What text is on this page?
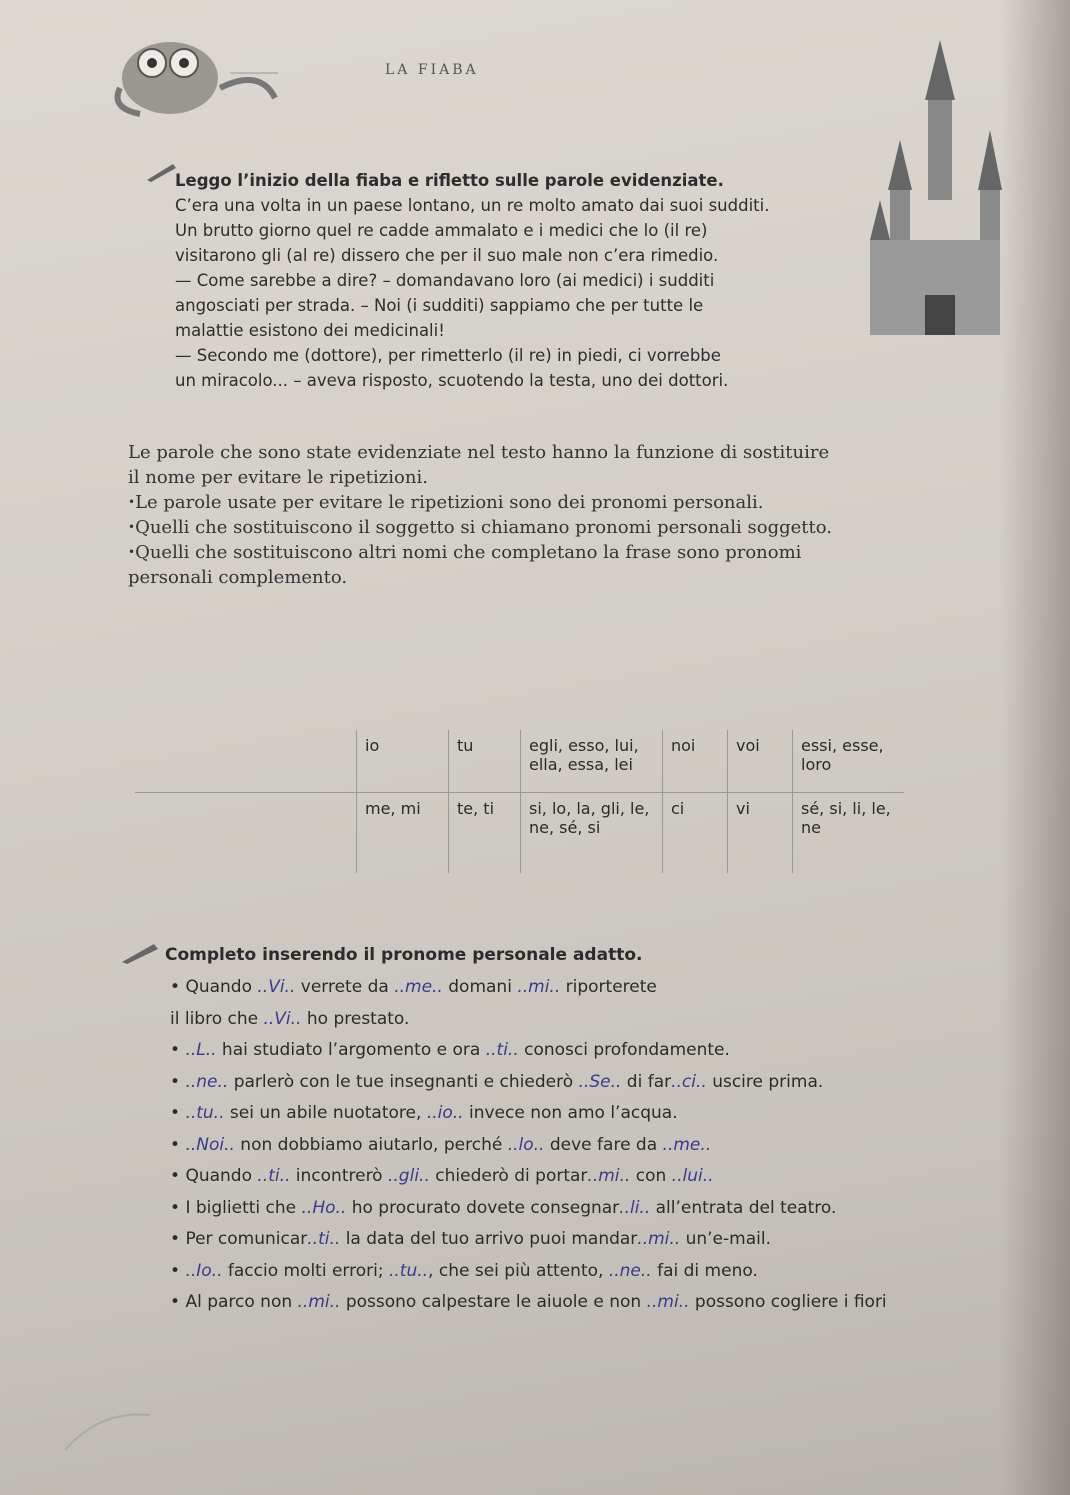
LA FIABA

Leggo l’inizio della fiaba e rifletto sulle parole evidenziate.

C’era una volta in un paese lontano, un re molto amato dai suoi sudditi.

Un brutto giorno quel re cadde ammalato e i medici che lo (il re)

visitarono gli (al re) dissero che per il suo male non c’era rimedio.

— Come sarebbe a dire? – domandavano loro (ai medici) i sudditi

angosciati per strada. – Noi (i sudditi) sappiamo che per tutte le

malattie esistono dei medicinali!

— Secondo me (dottore), per rimetterlo (il re) in piedi, ci vorrebbe

un miracolo... – aveva risposto, scuotendo la testa, uno dei dottori.

Le parole che sono state evidenziate nel testo hanno la funzione di sostituire

il nome per evitare le ripetizioni.

• Le parole usate per evitare le ripetizioni sono dei pronomi personali.

• Quelli che sostituiscono il soggetto si chiamano pronomi personali soggetto.

• Quelli che sostituiscono altri nomi che completano la frase sono pronomi

personali complemento.

	io	tu	egli, esso, lui, ella, essa, lei	noi	voi	essi, esse, loro
	me, mi	te, ti	si, lo, la, gli, le, ne, sé, si	ci	vi	sé, si, li, le, ne
Completo inserendo il pronome personale adatto.

• Quando ..Vi.. verrete da ..me.. domani ..mi.. riporterete

il libro che ..Vi.. ho prestato.

• ..L.. hai studiato l’argomento e ora ..ti.. conosci profondamente.

• ..ne.. parlerò con le tue insegnanti e chiederò ..Se.. di far..ci.. uscire prima.

• ..tu.. sei un abile nuotatore, ..io.. invece non amo l’acqua.

• ..Noi.. non dobbiamo aiutarlo, perché ..lo.. deve fare da ..me..

• Quando ..ti.. incontrerò ..gli.. chiederò di portar..mi.. con ..lui..

• I biglietti che ..Ho.. ho procurato dovete consegnar..li.. all’entrata del teatro.

• Per comunicar..ti.. la data del tuo arrivo puoi mandar..mi.. un’e-mail.

• ..Io.. faccio molti errori; ..tu.., che sei più attento, ..ne.. fai di meno.

• Al parco non ..mi.. possono calpestare le aiuole e non ..mi.. possono cogliere i fiori
